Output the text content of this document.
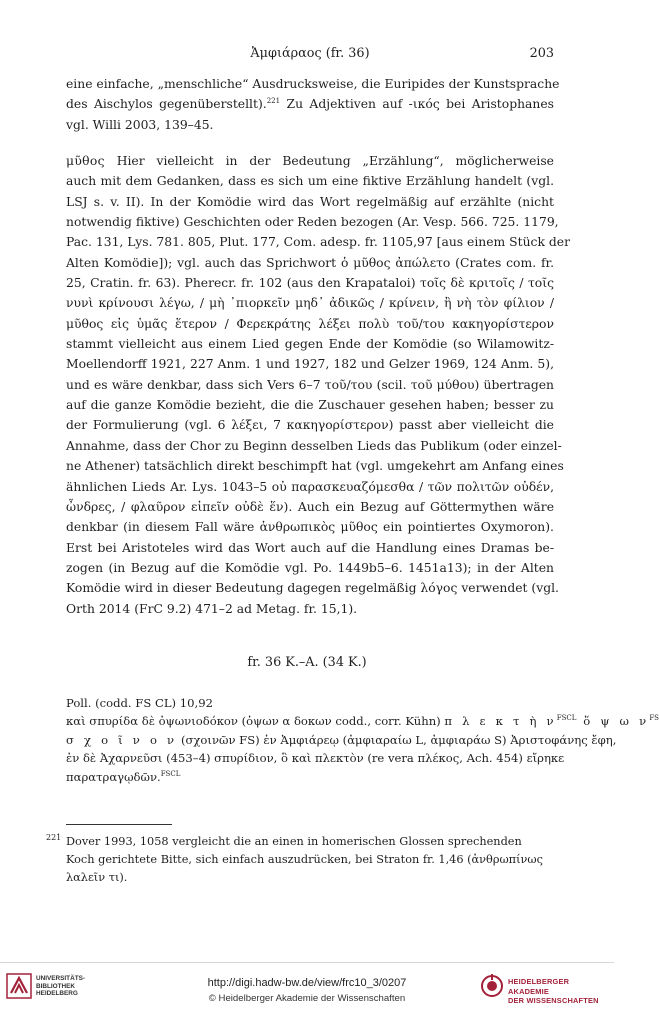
Ἀμφιάραος (fr. 36)	203
eine einfache, „menschliche“ Ausdrucksweise, die Euripides der Kunstsprache
des Aischylos gegenüberstellt).$^{221}$ Zu Adjektiven auf -ικός bei Aristophanes
vgl. Willi 2003, 139–45.
μῦθος Hier vielleicht in der Bedeutung „Erzählung“, möglicherweise
auch mit dem Gedanken, dass es sich um eine fiktive Erzählung handelt (vgl.
LSJ s. v. II). In der Komödie wird das Wort regelmäßig auf erzählte (nicht
notwendig fiktive) Geschichten oder Reden bezogen (Ar. Vesp. 566. 725. 1179,
Pac. 131, Lys. 781. 805, Plut. 177, Com. adesp. fr. 1105,97 [aus einem Stück der
Alten Komödie]); vgl. auch das Sprichwort ὁ μῦθος ἀπώλετο (Crates com. fr.
25, Cratin. fr. 63). Pherecr. fr. 102 (aus den Krapataloi) τοῖς δὲ κριτοῖς / τοῖς
νυνὶ κρίνουσι λέγω, / μὴ ᾿πιορκεῖν μηδ᾿ ἀδικῶς / κρίνειν, ἢ νὴ τὸν φίλιον /
μῦθος εἰς ὑμᾶς ἕτερον / Φερεκράτης λέξει πολὺ τοῦ/του κακηγορίστερον
stammt vielleicht aus einem Lied gegen Ende der Komödie (so Wilamowitz-
Moellendorff 1921, 227 Anm. 1 und 1927, 182 und Gelzer 1969, 124 Anm. 5),
und es wäre denkbar, dass sich Vers 6–7 τοῦ/του (scil. τοῦ μύθου) übertragen
auf die ganze Komödie bezieht, die die Zuschauer gesehen haben; besser zu
der Formulierung (vgl. 6 λέξει, 7 κακηγορίστερον) passt aber vielleicht die
Annahme, dass der Chor zu Beginn desselben Lieds das Publikum (oder einzel-
ne Athener) tatsächlich direkt beschimpft hat (vgl. umgekehrt am Anfang eines
ähnlichen Lieds Ar. Lys. 1043–5 οὐ παρασκευαζόμεσθα / τῶν πολιτῶν οὐδέν,
ὦνδρες, / φλαῦρον εἰπεῖν οὐδὲ ἕν). Auch ein Bezug auf Göttermythen wäre
denkbar (in diesem Fall wäre ἀνθρωπικὸς μῦθος ein pointiertes Oxymoron).
Erst bei Aristoteles wird das Wort auch auf die Handlung eines Dramas be-
zogen (in Bezug auf die Komödie vgl. Po. 1449b5–6. 1451a13); in der Alten
Komödie wird in dieser Bedeutung dagegen regelmäßig λόγος verwendet (vgl.
Orth 2014 (FrC 9.2) 471–2 ad Metag. fr. 15,1).
fr. 36 K.–A. (34 K.)
Poll. (codd. FS CL) 10,92
καὶ σπυρίδα δὲ ὀψωνιοδόκον (ὀψων α δοκων codd., corr. Kühn) π λ ε κ τ ὴ $\nu^{FSCL}$ ὅ ψ ω $\nu^{FS}$
σ χ ο ῖ ν ο ν (σχοινῶν FS) ἐν Ἀμφιάρεῳ (ἀμφιαραίω L, ἀμφιαράω S) Ἀριστοφάνης ἔφη,
ἐν δὲ Ἀχαρνεῦσι (453–4) σπυρίδιον, ὃ καὶ πλεκτὸν (re vera πλέκος, Ach. 454) εἴρηκε
παρατραγῳδῶν.$^{FSCL}$
221 Dover 1993, 1058 vergleicht die an einen in homerischen Glossen sprechenden
Koch gerichtete Bitte, sich einfach auszudrücken, bei Straton fr. 1,46 (ἀνθρωπίνως
λαλεῖν τι).
UNIVERSITÄTS-
BIBLIOTHEK
HEIDELBERG
http://digi.hadw-bw.de/view/frc10_3/0207
© Heidelberger Akademie der Wissenschaften
HEIDELBERGER AKADEMIE
DER WISSENSCHAFTEN
